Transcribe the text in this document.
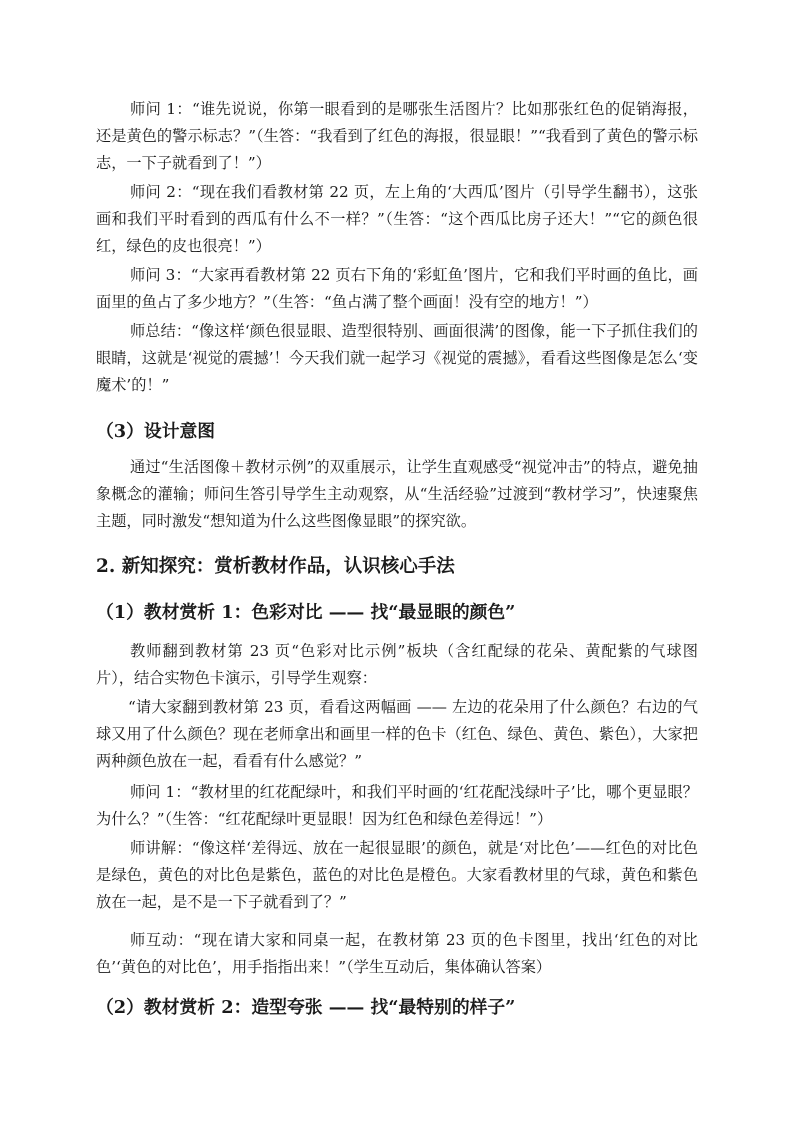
师问 1：“谁先说说，你第一眼看到的是哪张生活图片？比如那张红色的促销海报，还是黄色的警示标志？”（生答：“我看到了红色的海报，很显眼！”“我看到了黄色的警示标志，一下子就看到了！”）

师问 2：“现在我们看教材第 22 页，左上角的‘大西瓜’图片（引导学生翻书），这张画和我们平时看到的西瓜有什么不一样？”（生答：“这个西瓜比房子还大！”“它的颜色很红，绿色的皮也很亮！”）

师问 3：“大家再看教材第 22 页右下角的‘彩虹鱼’图片，它和我们平时画的鱼比，画面里的鱼占了多少地方？”（生答：“鱼占满了整个画面！没有空的地方！”）

师总结：“像这样‘颜色很显眼、造型很特别、画面很满’的图像，能一下子抓住我们的眼睛，这就是‘视觉的震撼’！今天我们就一起学习《视觉的震撼》，看看这些图像是怎么‘变魔术’的！”

（3）设计意图

通过“生活图像＋教材示例”的双重展示，让学生直观感受“视觉冲击”的特点，避免抽象概念的灌输；师问生答引导学生主动观察，从“生活经验”过渡到“教材学习”，快速聚焦主题，同时激发“想知道为什么这些图像显眼”的探究欲。

2. 新知探究：赏析教材作品，认识核心手法
（1）教材赏析 1：色彩对比 —— 找“最显眼的颜色”

教师翻到教材第 23 页“色彩对比示例”板块（含红配绿的花朵、黄配紫的气球图片），结合实物色卡演示，引导学生观察：

“请大家翻到教材第 23 页，看看这两幅画 —— 左边的花朵用了什么颜色？右边的气球又用了什么颜色？现在老师拿出和画里一样的色卡（红色、绿色、黄色、紫色），大家把两种颜色放在一起，看看有什么感觉？”

师问 1：“教材里的红花配绿叶，和我们平时画的‘红花配浅绿叶子’比，哪个更显眼？为什么？”（生答：“红花配绿叶更显眼！因为红色和绿色差得远！”）

师讲解：“像这样‘差得远、放在一起很显眼’的颜色，就是‘对比色’——红色的对比色是绿色，黄色的对比色是紫色，蓝色的对比色是橙色。大家看教材里的气球，黄色和紫色放在一起，是不是一下子就看到了？”

师互动：“现在请大家和同桌一起，在教材第 23 页的色卡图里，找出‘红色的对比色’‘黄色的对比色’，用手指指出来！”（学生互动后，集体确认答案）

（2）教材赏析 2：造型夸张 —— 找“最特别的样子”
